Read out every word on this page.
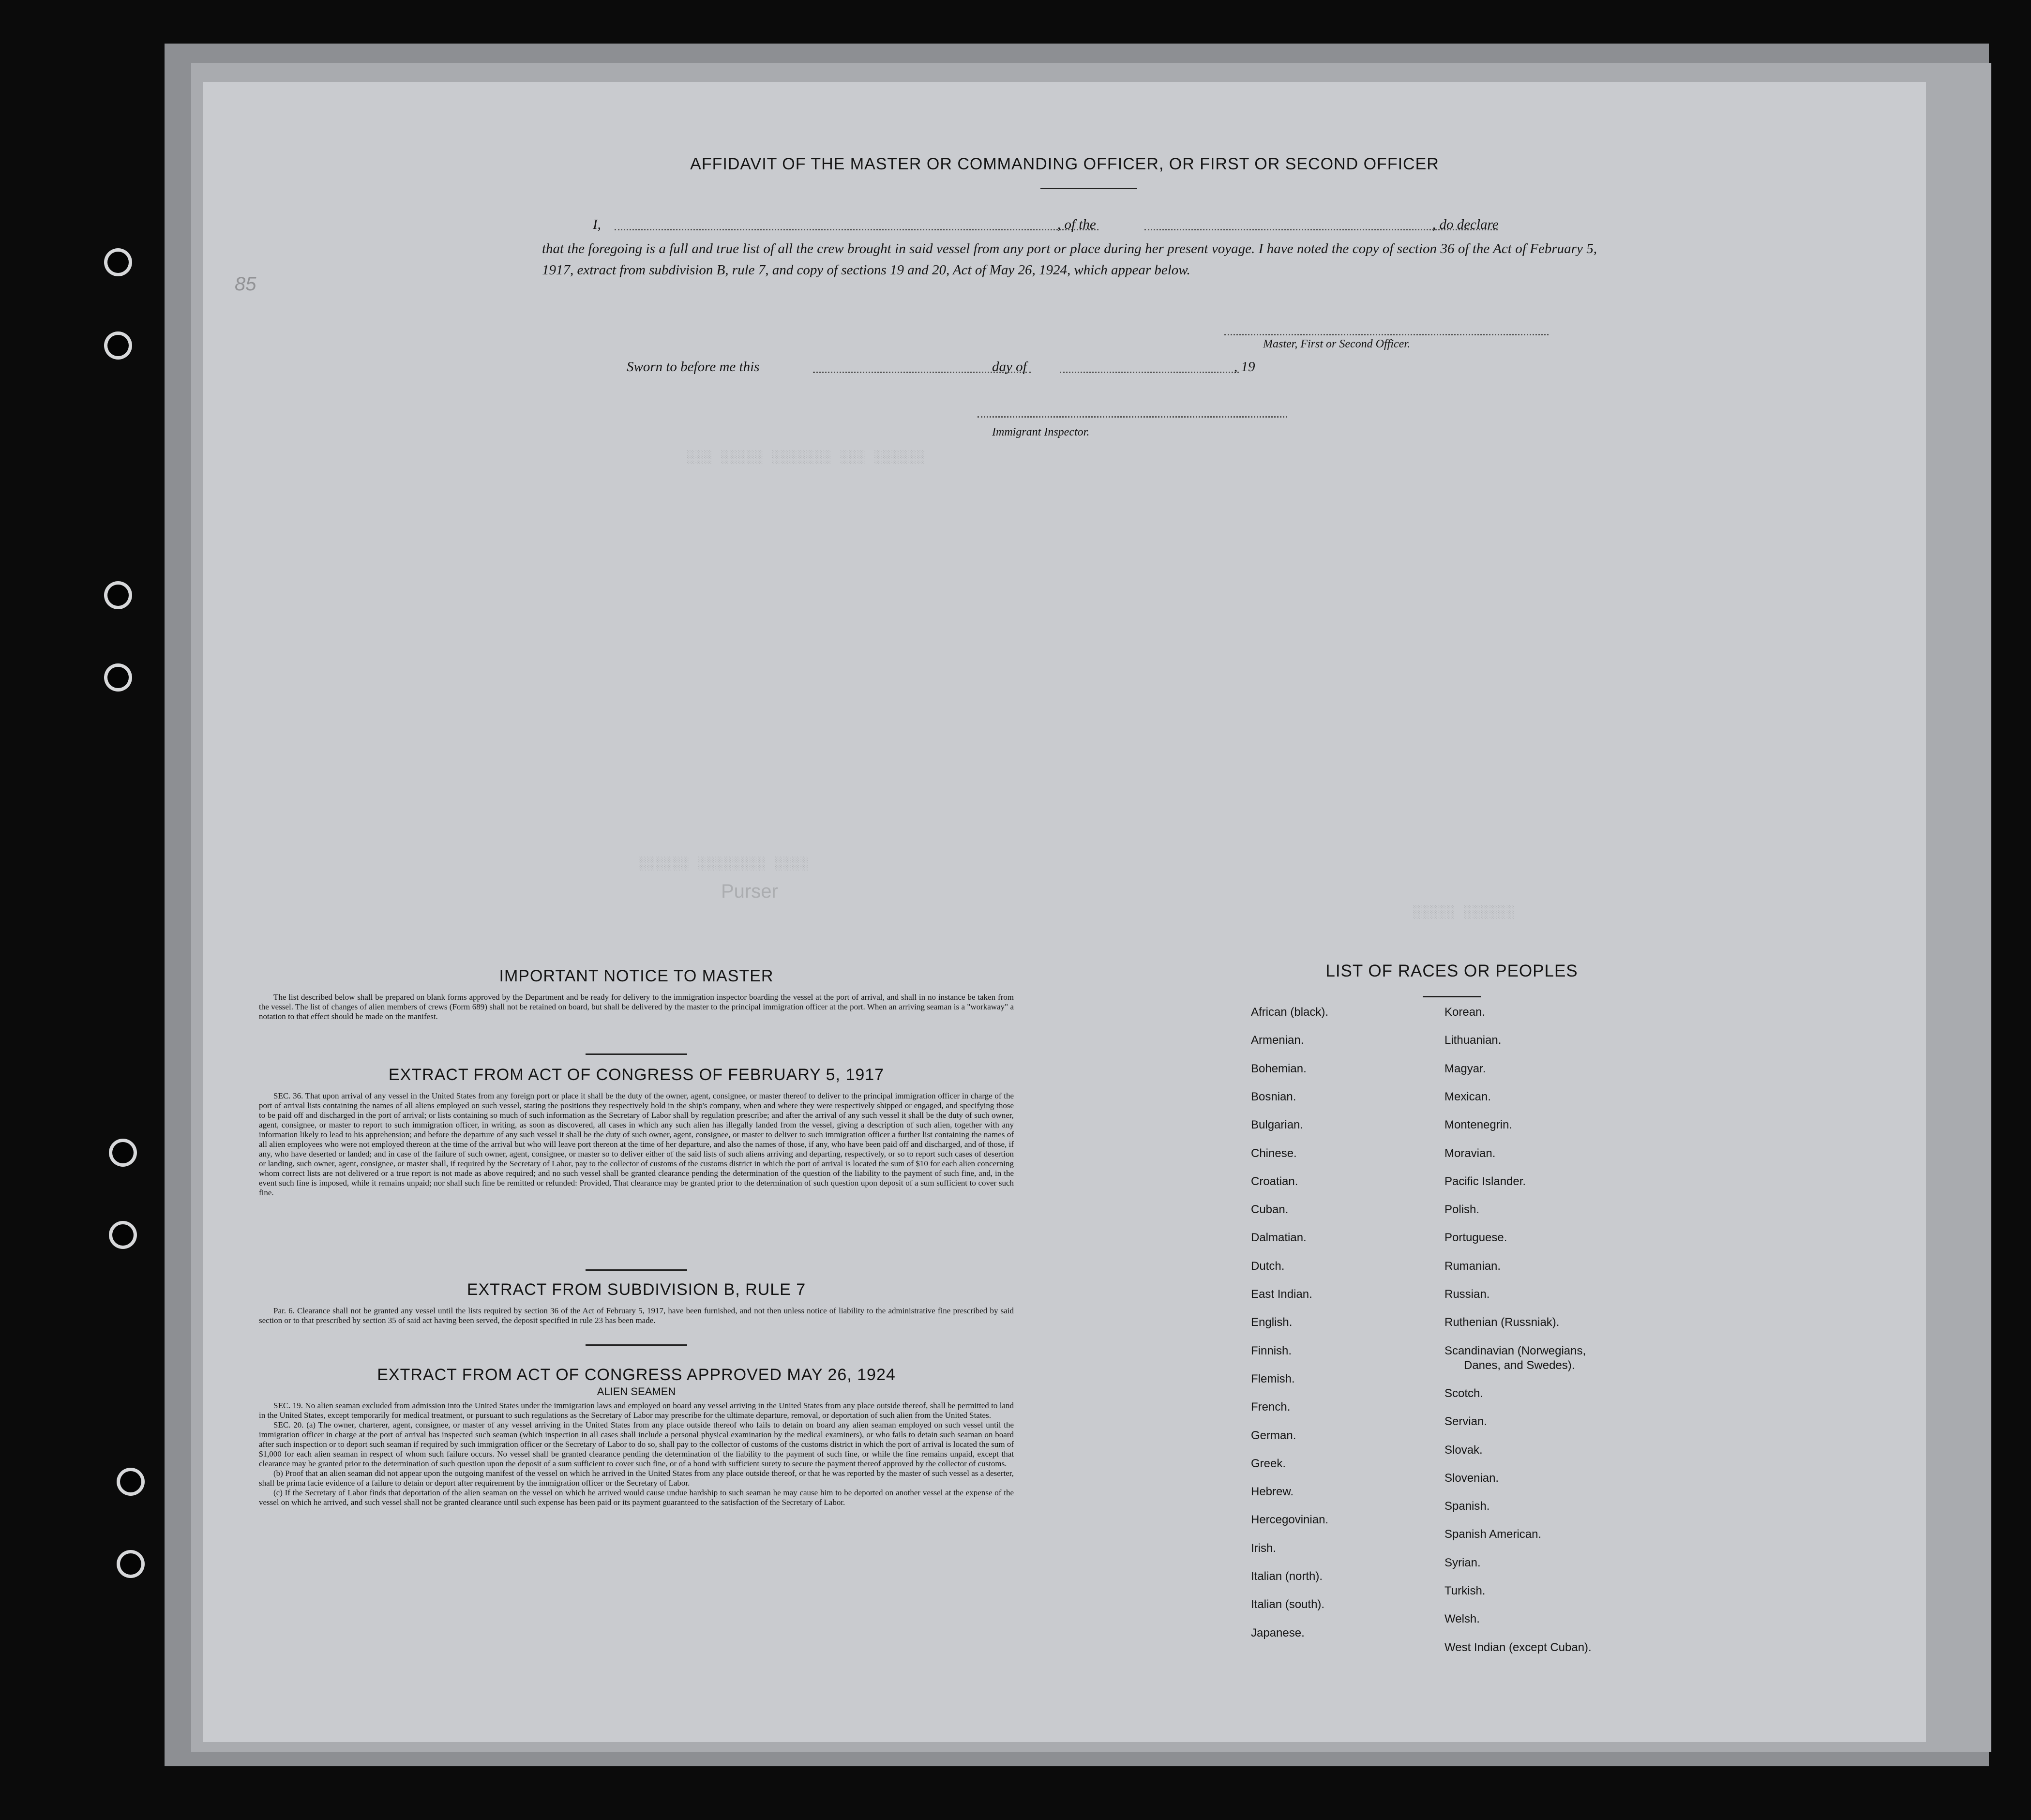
░░░ ░░░░░ ░░░░░░░ ░░░ ░░░░░░
░░░░░░ ░░░░░░░░ ░░░░
░░░░░ ░░░░░░
85
Purser
AFFIDAVIT OF THE MASTER OR COMMANDING OFFICER, OR FIRST OR SECOND OFFICER
I,	, of the	, do declare
that the foregoing is a full and true list of all the crew brought in said vessel from any port or place during her present voyage. I have noted the copy of section 36 of the Act of February 5, 1917, extract from subdivision B, rule 7, and copy of sections 19 and 20, Act of May 26, 1924, which appear below.
Master, First or Second Officer.
Sworn to before me this	day of	, 19
Immigrant Inspector.

IMPORTANT NOTICE TO MASTER

The list described below shall be prepared on blank forms approved by the Department and be ready for delivery to the immigration inspector boarding the vessel at the port of arrival, and shall in no instance be taken from the vessel. The list of changes of alien members of crews (Form 689) shall not be retained on board, but shall be delivered by the master to the principal immigration officer at the port. When an arriving seaman is a "workaway" a notation to that effect should be made on the manifest.

EXTRACT FROM ACT OF CONGRESS OF FEBRUARY 5, 1917

SEC. 36. That upon arrival of any vessel in the United States from any foreign port or place it shall be the duty of the owner, agent, consignee, or master thereof to deliver to the principal immigration officer in charge of the port of arrival lists containing the names of all aliens employed on such vessel, stating the positions they respectively hold in the ship's company, when and where they were respectively shipped or engaged, and specifying those to be paid off and discharged in the port of arrival; or lists containing so much of such information as the Secretary of Labor shall by regulation prescribe; and after the arrival of any such vessel it shall be the duty of such owner, agent, consignee, or master to report to such immigration officer, in writing, as soon as discovered, all cases in which any such alien has illegally landed from the vessel, giving a description of such alien, together with any information likely to lead to his apprehension; and before the departure of any such vessel it shall be the duty of such owner, agent, consignee, or master to deliver to such immigration officer a further list containing the names of all alien employees who were not employed thereon at the time of the arrival but who will leave port thereon at the time of her departure, and also the names of those, if any, who have been paid off and discharged, and of those, if any, who have deserted or landed; and in case of the failure of such owner, agent, consignee, or master so to deliver either of the said lists of such aliens arriving and departing, respectively, or so to report such cases of desertion or landing, such owner, agent, consignee, or master shall, if required by the Secretary of Labor, pay to the collector of customs of the customs district in which the port of arrival is located the sum of $10 for each alien concerning whom correct lists are not delivered or a true report is not made as above required; and no such vessel shall be granted clearance pending the determination of the question of the liability to the payment of such fine, and, in the event such fine is imposed, while it remains unpaid; nor shall such fine be remitted or refunded: Provided, That clearance may be granted prior to the determination of such question upon deposit of a sum sufficient to cover such fine.

EXTRACT FROM SUBDIVISION B, RULE 7

Par. 6. Clearance shall not be granted any vessel until the lists required by section 36 of the Act of February 5, 1917, have been furnished, and not then unless notice of liability to the administrative fine prescribed by said section or to that prescribed by section 35 of said act having been served, the deposit specified in rule 23 has been made.

EXTRACT FROM ACT OF CONGRESS APPROVED MAY 26, 1924

ALIEN SEAMEN

SEC. 19. No alien seaman excluded from admission into the United States under the immigration laws and employed on board any vessel arriving in the United States from any place outside thereof, shall be permitted to land in the United States, except temporarily for medical treatment, or pursuant to such regulations as the Secretary of Labor may prescribe for the ultimate departure, removal, or deportation of such alien from the United States.

SEC. 20. (a) The owner, charterer, agent, consignee, or master of any vessel arriving in the United States from any place outside thereof who fails to detain on board any alien seaman employed on such vessel until the immigration officer in charge at the port of arrival has inspected such seaman (which inspection in all cases shall include a personal physical examination by the medical examiners), or who fails to detain such seaman on board after such inspection or to deport such seaman if required by such immigration officer or the Secretary of Labor to do so, shall pay to the collector of customs of the customs district in which the port of arrival is located the sum of $1,000 for each alien seaman in respect of whom such failure occurs. No vessel shall be granted clearance pending the determination of the liability to the payment of such fine, or while the fine remains unpaid, except that clearance may be granted prior to the determination of such question upon the deposit of a sum sufficient to cover such fine, or of a bond with sufficient surety to secure the payment thereof approved by the collector of customs.

(b) Proof that an alien seaman did not appear upon the outgoing manifest of the vessel on which he arrived in the United States from any place outside thereof, or that he was reported by the master of such vessel as a deserter, shall be prima facie evidence of a failure to detain or deport after requirement by the immigration officer or the Secretary of Labor.

(c) If the Secretary of Labor finds that deportation of the alien seaman on the vessel on which he arrived would cause undue hardship to such seaman he may cause him to be deported on another vessel at the expense of the vessel on which he arrived, and such vessel shall not be granted clearance until such expense has been paid or its payment guaranteed to the satisfaction of the Secretary of Labor.

LIST OF RACES OR PEOPLES
African (black).
Armenian.
Bohemian.
Bosnian.
Bulgarian.
Chinese.
Croatian.
Cuban.
Dalmatian.
Dutch.
East Indian.
English.
Finnish.
Flemish.
French.
German.
Greek.
Hebrew.
Hercegovinian.
Irish.
Italian (north).
Italian (south).
Japanese.
Korean.
Lithuanian.
Magyar.
Mexican.
Montenegrin.
Moravian.
Pacific Islander.
Polish.
Portuguese.
Rumanian.
Russian.
Ruthenian (Russniak).
Scandinavian (Norwegians,
Danes, and Swedes).
Scotch.
Servian.
Slovak.
Slovenian.
Spanish.
Spanish American.
Syrian.
Turkish.
Welsh.
West Indian (except Cuban).
